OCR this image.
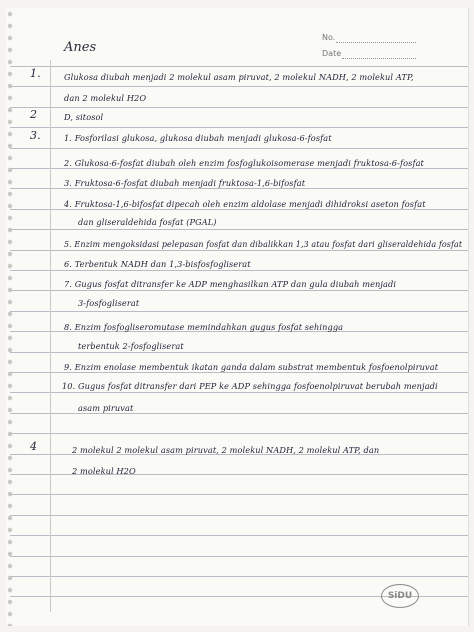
No.
Date
Anes
1.	Glukosa diubah menjadi 2 molekul asam piruvat, 2 molekul NADH, 2 molekul ATP,
dan 2 molekul H2O
2	D, sitosol
3.	1. Fosforilasi glukosa, glukosa diubah menjadi glukosa-6-fosfat
2. Glukosa-6-fosfat diubah oleh enzim fosfoglukoisomerase menjadi fruktosa-6-fosfat
3. Fruktosa-6-fosfat diubah menjadi fruktosa-1,6-bifosfat
4. Fruktosa-1,6-bifosfat dipecah oleh enzim aldolase menjadi dihidroksi aseton fosfat
dan gliseraldehida fosfat (PGAL)
5. Enzim mengoksidasi pelepasan fosfat dan dibalikkan 1,3 atau fosfat dari gliseraldehida fosfat
6. Terbentuk NADH dan 1,3-bisfosfogliserat
7. Gugus fosfat ditransfer ke ADP menghasilkan ATP dan gula diubah menjadi
3-fosfogliserat
8. Enzim fosfogliseromutase memindahkan gugus fosfat sehingga
terbentuk 2-fosfogliserat
9. Enzim enolase membentuk ikatan ganda dalam substrat membentuk fosfoenolpiruvat
10. Gugus fosfat ditransfer dari PEP ke ADP sehingga fosfoenolpiruvat berubah menjadi
asam piruvat
4	2 molekul 2 molekul asam piruvat, 2 molekul NADH, 2 molekul ATP, dan
2 molekul H2O
SiDU
